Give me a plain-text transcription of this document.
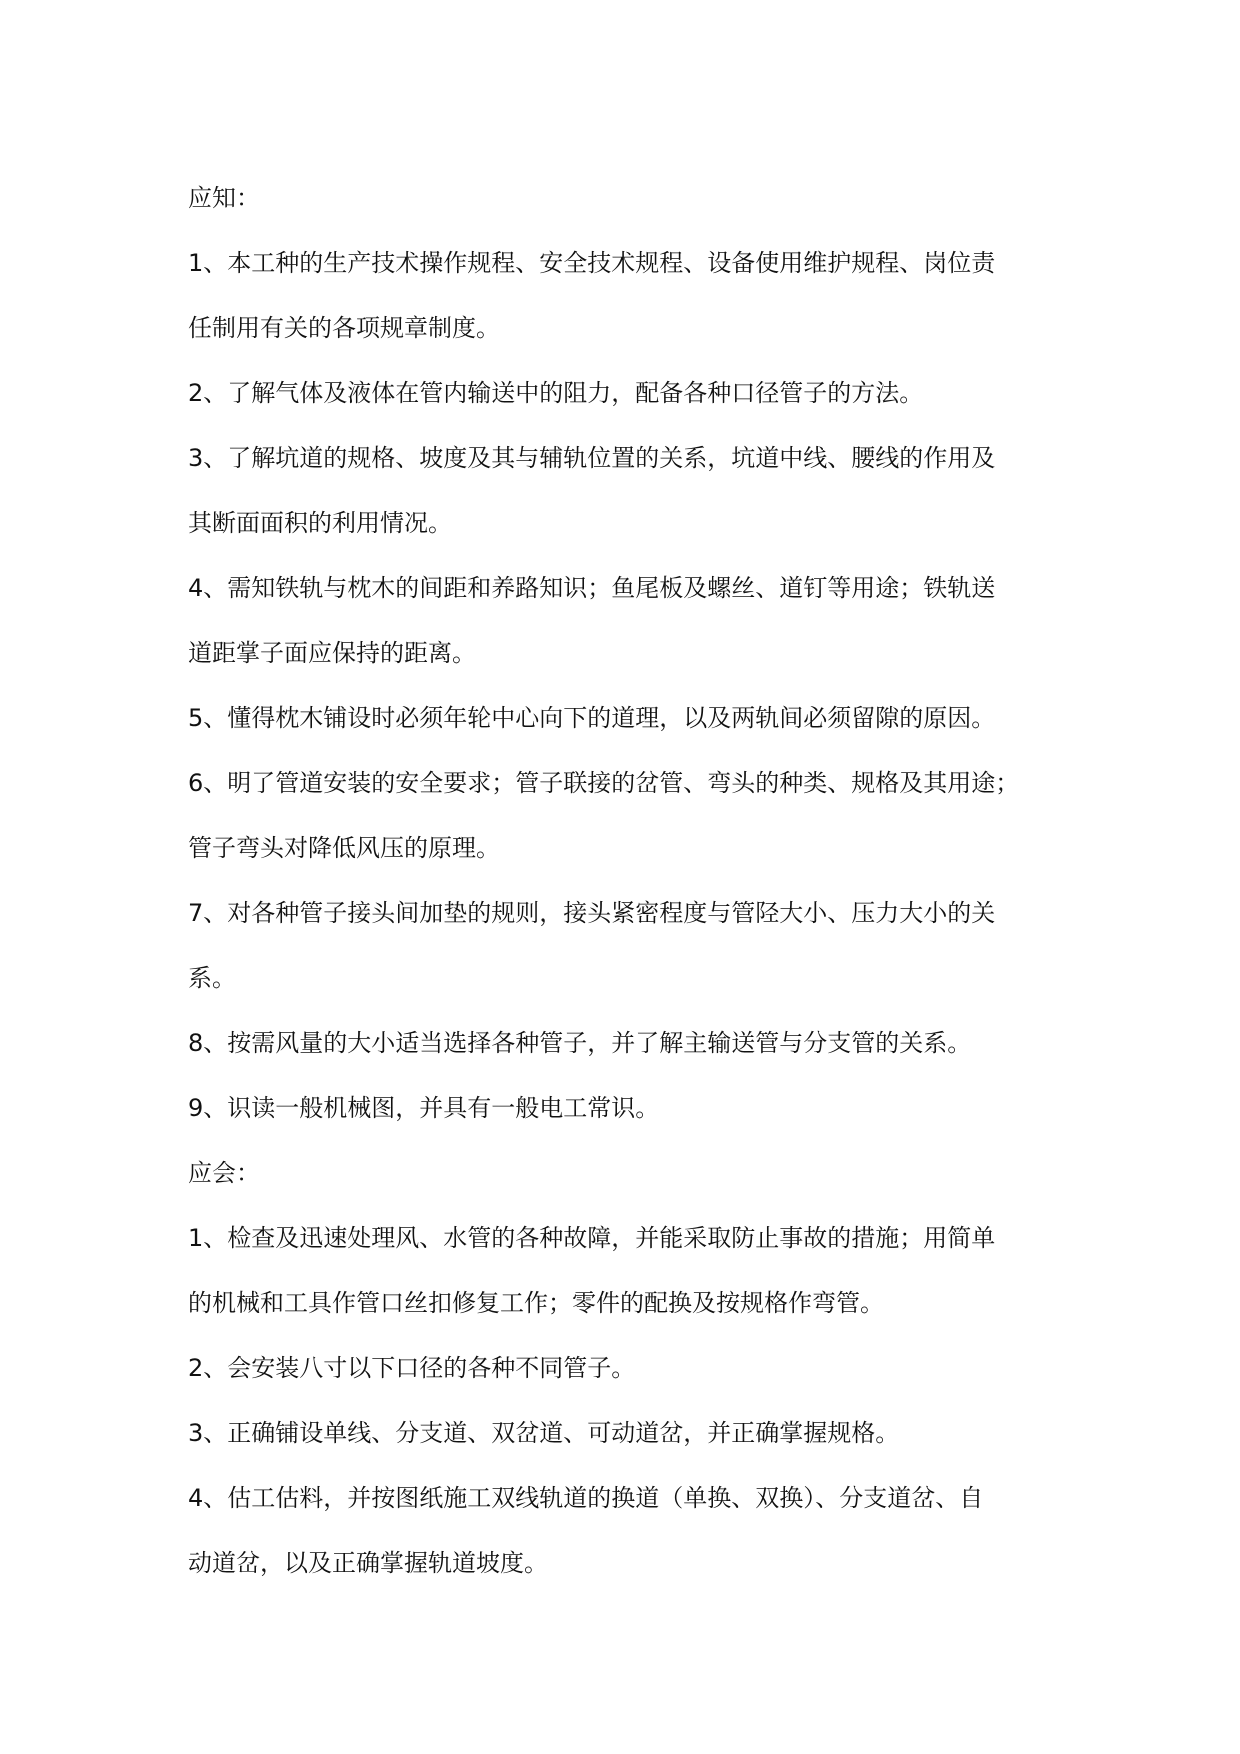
应知：

1、本工种的生产技术操作规程、安全技术规程、设备使用维护规程、岗位责

任制用有关的各项规章制度。

2、了解气体及液体在管内输送中的阻力，配备各种口径管子的方法。

3、了解坑道的规格、坡度及其与辅轨位置的关系，坑道中线、腰线的作用及

其断面面积的利用情况。

4、需知铁轨与枕木的间距和养路知识；鱼尾板及螺丝、道钉等用途；铁轨送

道距掌子面应保持的距离。

5、懂得枕木铺设时必须年轮中心向下的道理，以及两轨间必须留隙的原因。

6、明了管道安装的安全要求；管子联接的岔管、弯头的种类、规格及其用途；

管子弯头对降低风压的原理。

7、对各种管子接头间加垫的规则，接头紧密程度与管陉大小、压力大小的关

系。

8、按需风量的大小适当选择各种管子，并了解主输送管与分支管的关系。

9、识读一般机械图，并具有一般电工常识。

应会：

1、检查及迅速处理风、水管的各种故障，并能采取防止事故的措施；用简单

的机械和工具作管口丝扣修复工作；零件的配换及按规格作弯管。

2、会安装八寸以下口径的各种不同管子。

3、正确铺设单线、分支道、双岔道、可动道岔，并正确掌握规格。

4、估工估料，并按图纸施工双线轨道的换道（单换、双换）、分支道岔、自

动道岔，以及正确掌握轨道坡度。
